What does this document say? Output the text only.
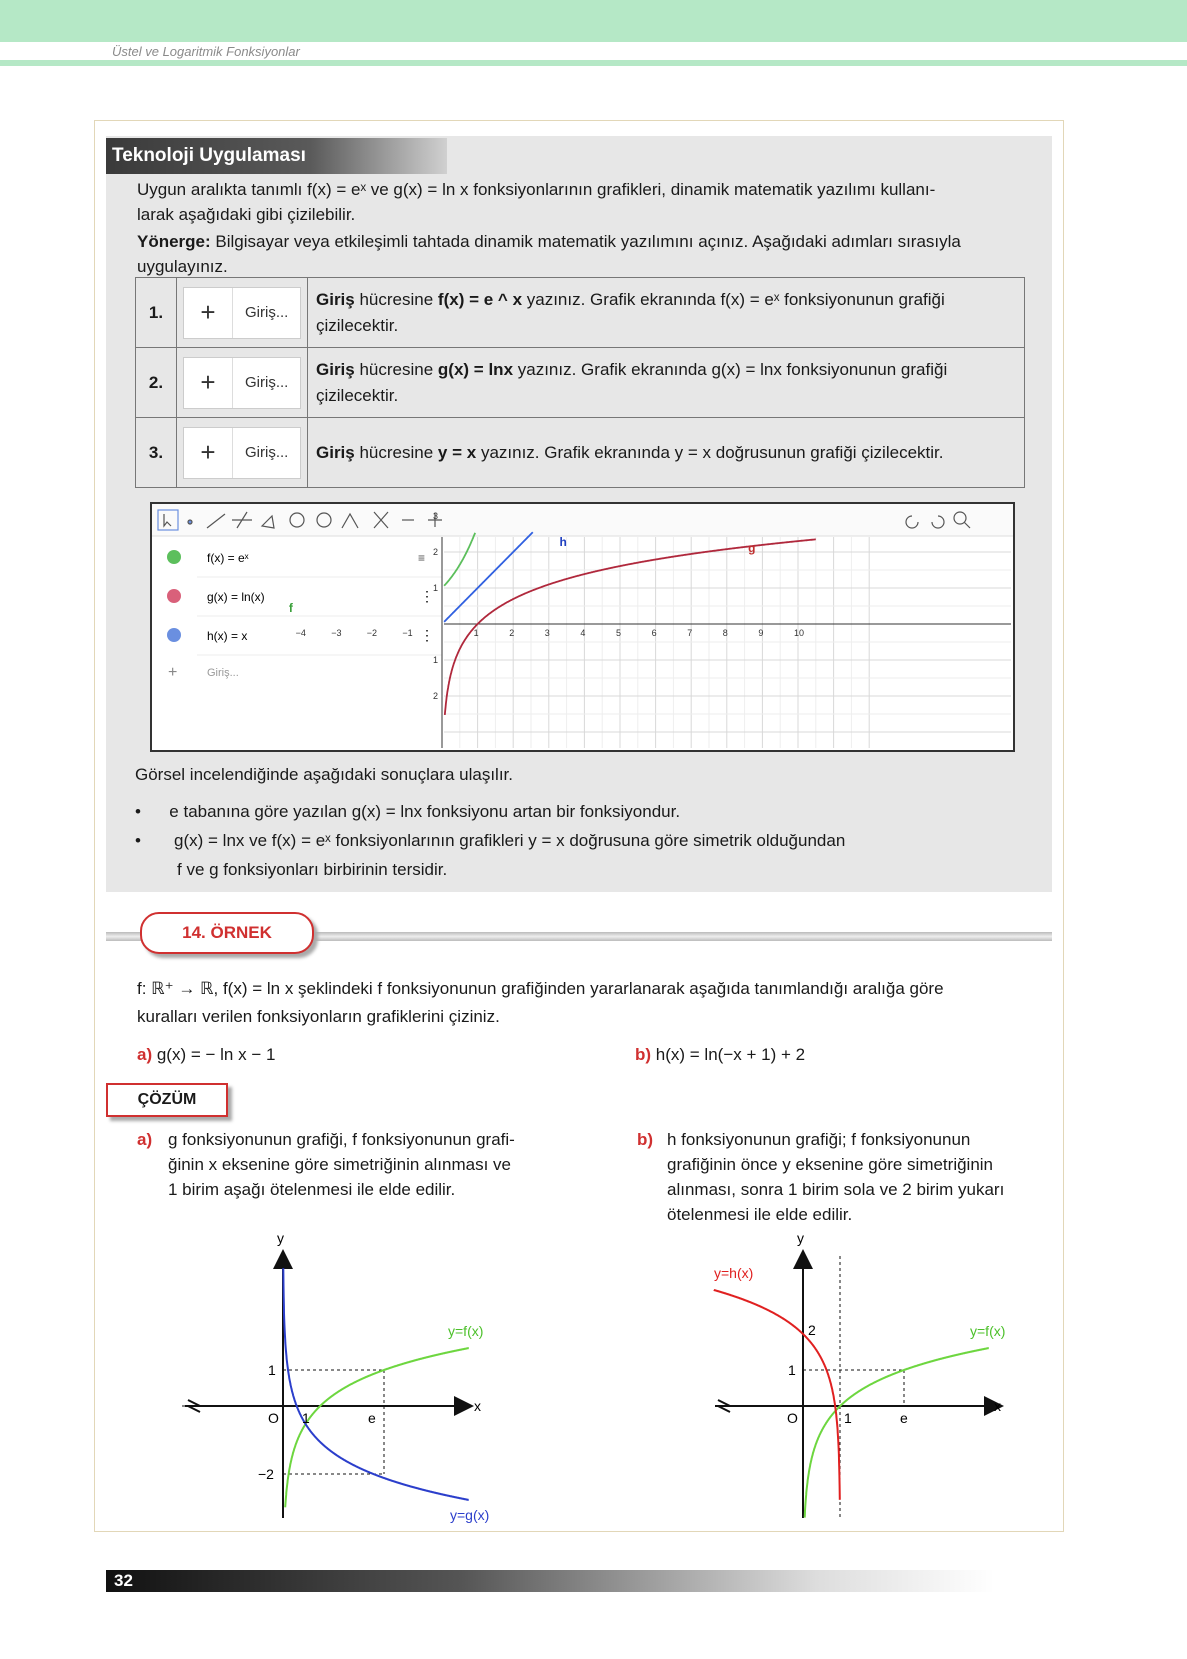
Üstel ve Logaritmik Fonksiyonlar
Teknoloji Uygulaması
Uygun aralıkta tanımlı f(x) = eˣ ve g(x) = ln x fonksiyonlarının grafikleri, dinamik matematik yazılımı kullanı-
larak aşağıdaki gibi çizilebilir.
Yönerge: Bilgisayar veya etkileşimli tahtada dinamik matematik yazılımını açınız. Aşağıdaki adımları sırasıyla
uygulayınız.
1.	+ Giriş...	Giriş hücresine f(x) = e ^ x yazınız. Grafik ekranında f(x) = eˣ fonksiyonunun grafiği çizilecektir.
2.	+ Giriş...	Giriş hücresine g(x) = lnx yazınız. Grafik ekranında g(x) = lnx fonksiyonunun grafiği çizilecektir.
3.	+ Giriş...	Giriş hücresine y = x yazınız. Grafik ekranında y = x doğrusunun grafiği çizilecektir.
f(x) = eˣ
g(x) = ln(x)	⋮
h(x) = x	⋮
+	Giriş...
≡
−4	−3	−2	−1	1	2	3	4	5	6	7	8	9	10
3
2
1
1
2
f
h	g
Görsel incelendiğinde aşağıdaki sonuçlara ulaşılır.
•      e tabanına göre yazılan g(x) = lnx fonksiyonu artan bir fonksiyondur.
•       g(x) = lnx ve f(x) = eˣ fonksiyonlarının grafikleri y = x doğrusuna göre simetrik olduğundan
f ve g fonksiyonları birbirinin tersidir.
14. ÖRNEK
f: ℝ⁺ → ℝ, f(x) = ln x şeklindeki f fonksiyonunun grafiğinden yararlanarak aşağıda tanımlandığı aralığa göre
kuralları verilen fonksiyonların grafiklerini çiziniz.
a) g(x) = − ln x − 1	b) h(x) = ln(−x + 1) + 2
ÇÖZÜM
a) g fonksiyonunun grafiği, f fonksiyonunun grafi-
ğinin x eksenine göre simetriğinin alınması ve
1 birim aşağı ötelenmesi ile elde edilir.
b) h fonksiyonunun grafiği; f fonksiyonunun
grafiğinin önce y eksenine göre simetriğinin
alınması, sonra 1 birim sola ve 2 birim yukarı
ötelenmesi ile elde edilir.
y
x
O 1	e
1
−2
y=f(x)
y=g(x)
y
x
O	1	e
1
2	y=f(x)
y=h(x)
32
